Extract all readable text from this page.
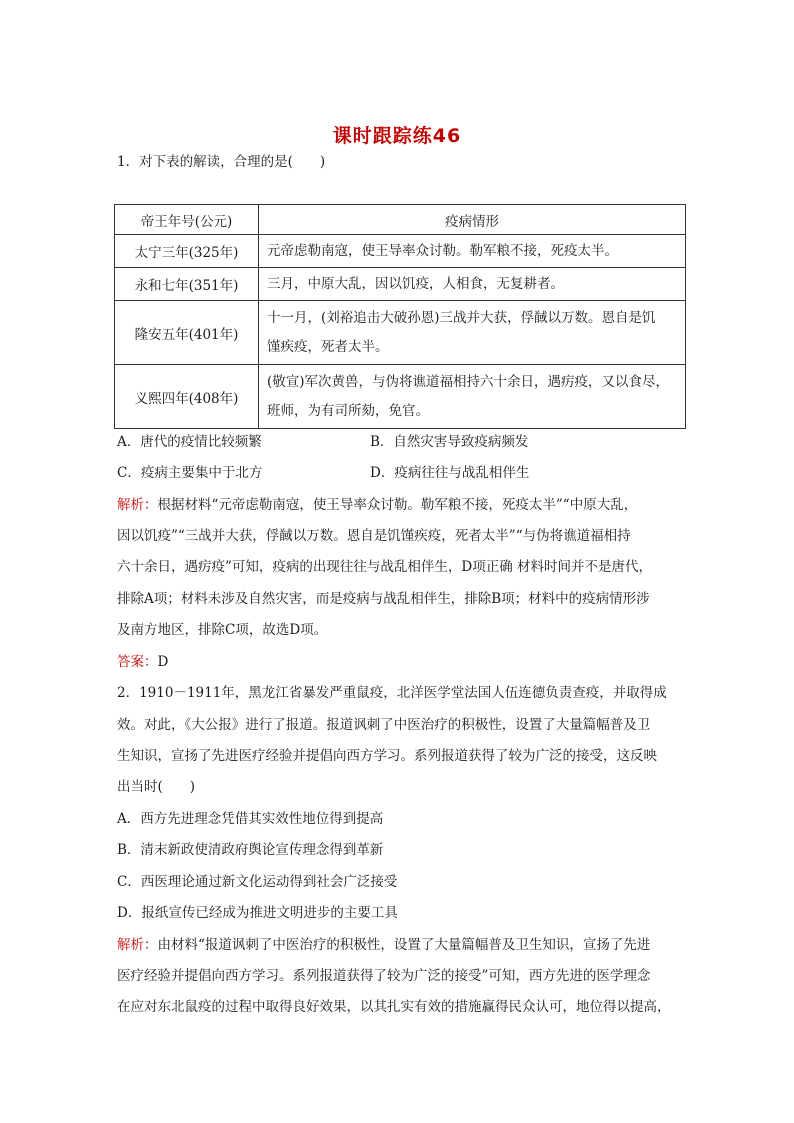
课时跟踪练46
1．对下表的解读，合理的是(　　)
帝王年号(公元)	疫病情形
太宁三年(325年)	元帝虑勒南寇，使王导率众讨勒。勒军粮不接，死疫太半。
永和七年(351年)	三月，中原大乱，因以饥疫，人相食，无复耕者。
隆安五年(401年)	十一月，(刘裕追击大破孙恩)三战并大获，俘馘以万数。恩自是饥
馑疾疫，死者太半。

义熙四年(408年)	(敬宣)军次黄兽，与伪将谯道福相持六十余日，遇疠疫，又以食尽，
班师，为有司所劾，免官。
A．唐代的疫情比较频繁	B．自然灾害导致疫病频发
C．疫病主要集中于北方	D．疫病往往与战乱相伴生
解析：根据材料“元帝虑勒南寇，使王导率众讨勒。勒军粮不接，死疫太半”“中原大乱，
因以饥疫”“三战并大获，俘馘以万数。恩自是饥馑疾疫，死者太半”“与伪将谯道福相持
六十余日，遇疠疫”可知，疫病的出现往往与战乱相伴生，D项正确 材料时间并不是唐代，
排除A项；材料未涉及自然灾害，而是疫病与战乱相伴生，排除B项；材料中的疫病情形涉
及南方地区，排除C项，故选D项。
答案：D
2．1910－1911年，黑龙江省暴发严重鼠疫，北洋医学堂法国人伍连德负责查疫，并取得成
效。对此，《大公报》进行了报道。报道讽刺了中医治疗的积极性，设置了大量篇幅普及卫
生知识，宣扬了先进医疗经验并提倡向西方学习。系列报道获得了较为广泛的接受，这反映
出当时(　　)
A．西方先进理念凭借其实效性地位得到提高
B．清末新政使清政府舆论宣传理念得到革新
C．西医理论通过新文化运动得到社会广泛接受
D．报纸宣传已经成为推进文明进步的主要工具
解析：由材料“报道讽刺了中医治疗的积极性，设置了大量篇幅普及卫生知识，宣扬了先进
医疗经验并提倡向西方学习。系列报道获得了较为广泛的接受”可知，西方先进的医学理念
在应对东北鼠疫的过程中取得良好效果，以其扎实有效的措施赢得民众认可，地位得以提高，
